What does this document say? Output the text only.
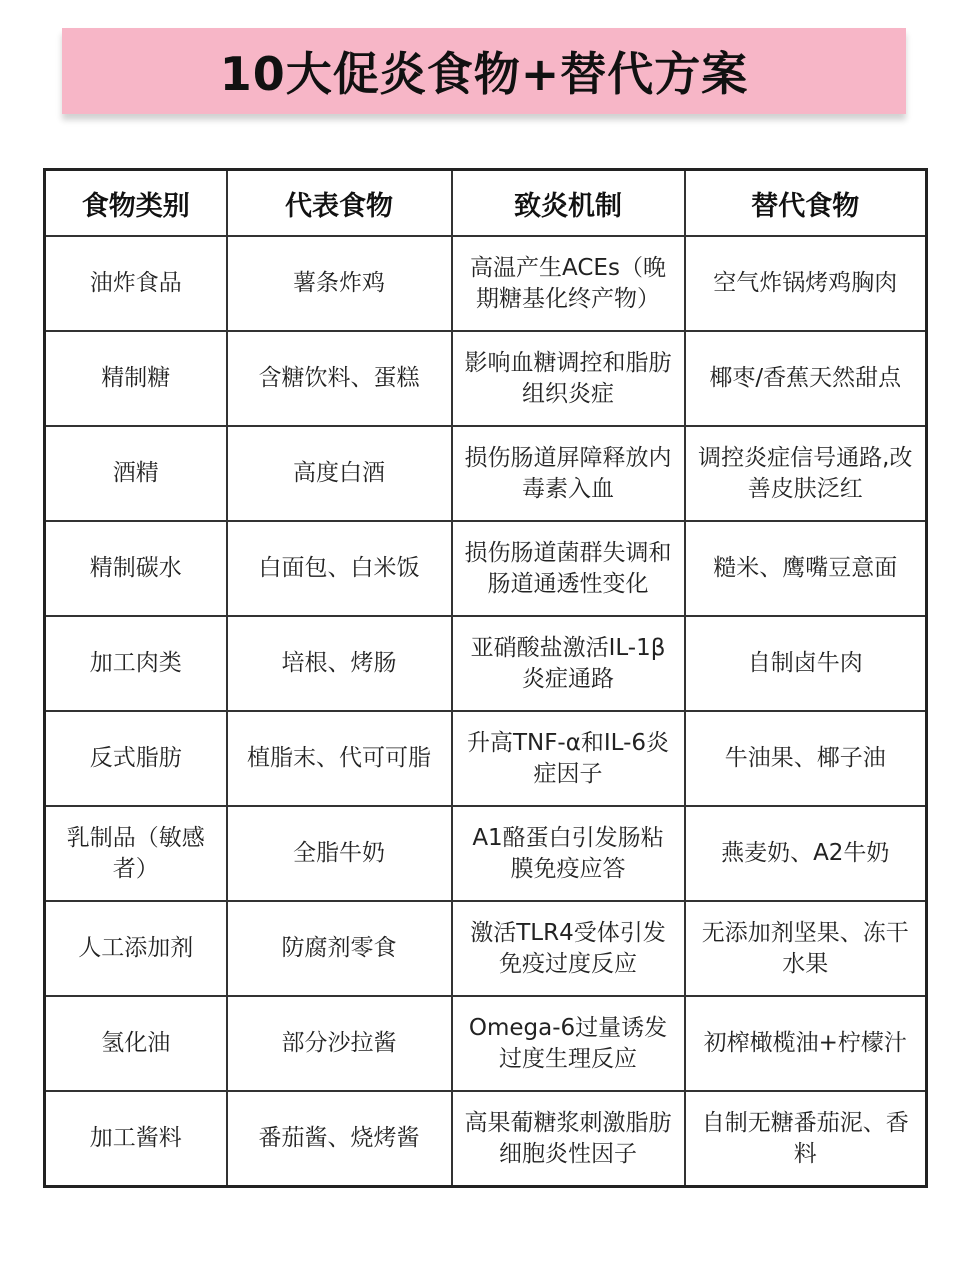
10大促炎食物+替代方案
食物类别	代表食物	致炎机制	替代食物
油炸食品	薯条炸鸡	高温产生ACEs（晚期糖基化终产物）	空气炸锅烤鸡胸肉
精制糖	含糖饮料、蛋糕	影响血糖调控和脂肪组织炎症	椰枣/香蕉天然甜点
酒精	高度白酒	损伤肠道屏障释放内毒素入血	调控炎症信号通路,改善皮肤泛红
精制碳水	白面包、白米饭	损伤肠道菌群失调和肠道通透性变化	糙米、鹰嘴豆意面
加工肉类	培根、烤肠	亚硝酸盐激活IL-1β炎症通路	自制卤牛肉
反式脂肪	植脂末、代可可脂	升高TNF-α和IL-6炎症因子	牛油果、椰子油
乳制品（敏感者）	全脂牛奶	A1酪蛋白引发肠粘膜免疫应答	燕麦奶、A2牛奶
人工添加剂	防腐剂零食	激活TLR4受体引发免疫过度反应	无添加剂坚果、冻干水果
氢化油	部分沙拉酱	Omega-6过量诱发过度生理反应	初榨橄榄油+柠檬汁
加工酱料	番茄酱、烧烤酱	高果葡糖浆刺激脂肪细胞炎性因子	自制无糖番茄泥、香料
